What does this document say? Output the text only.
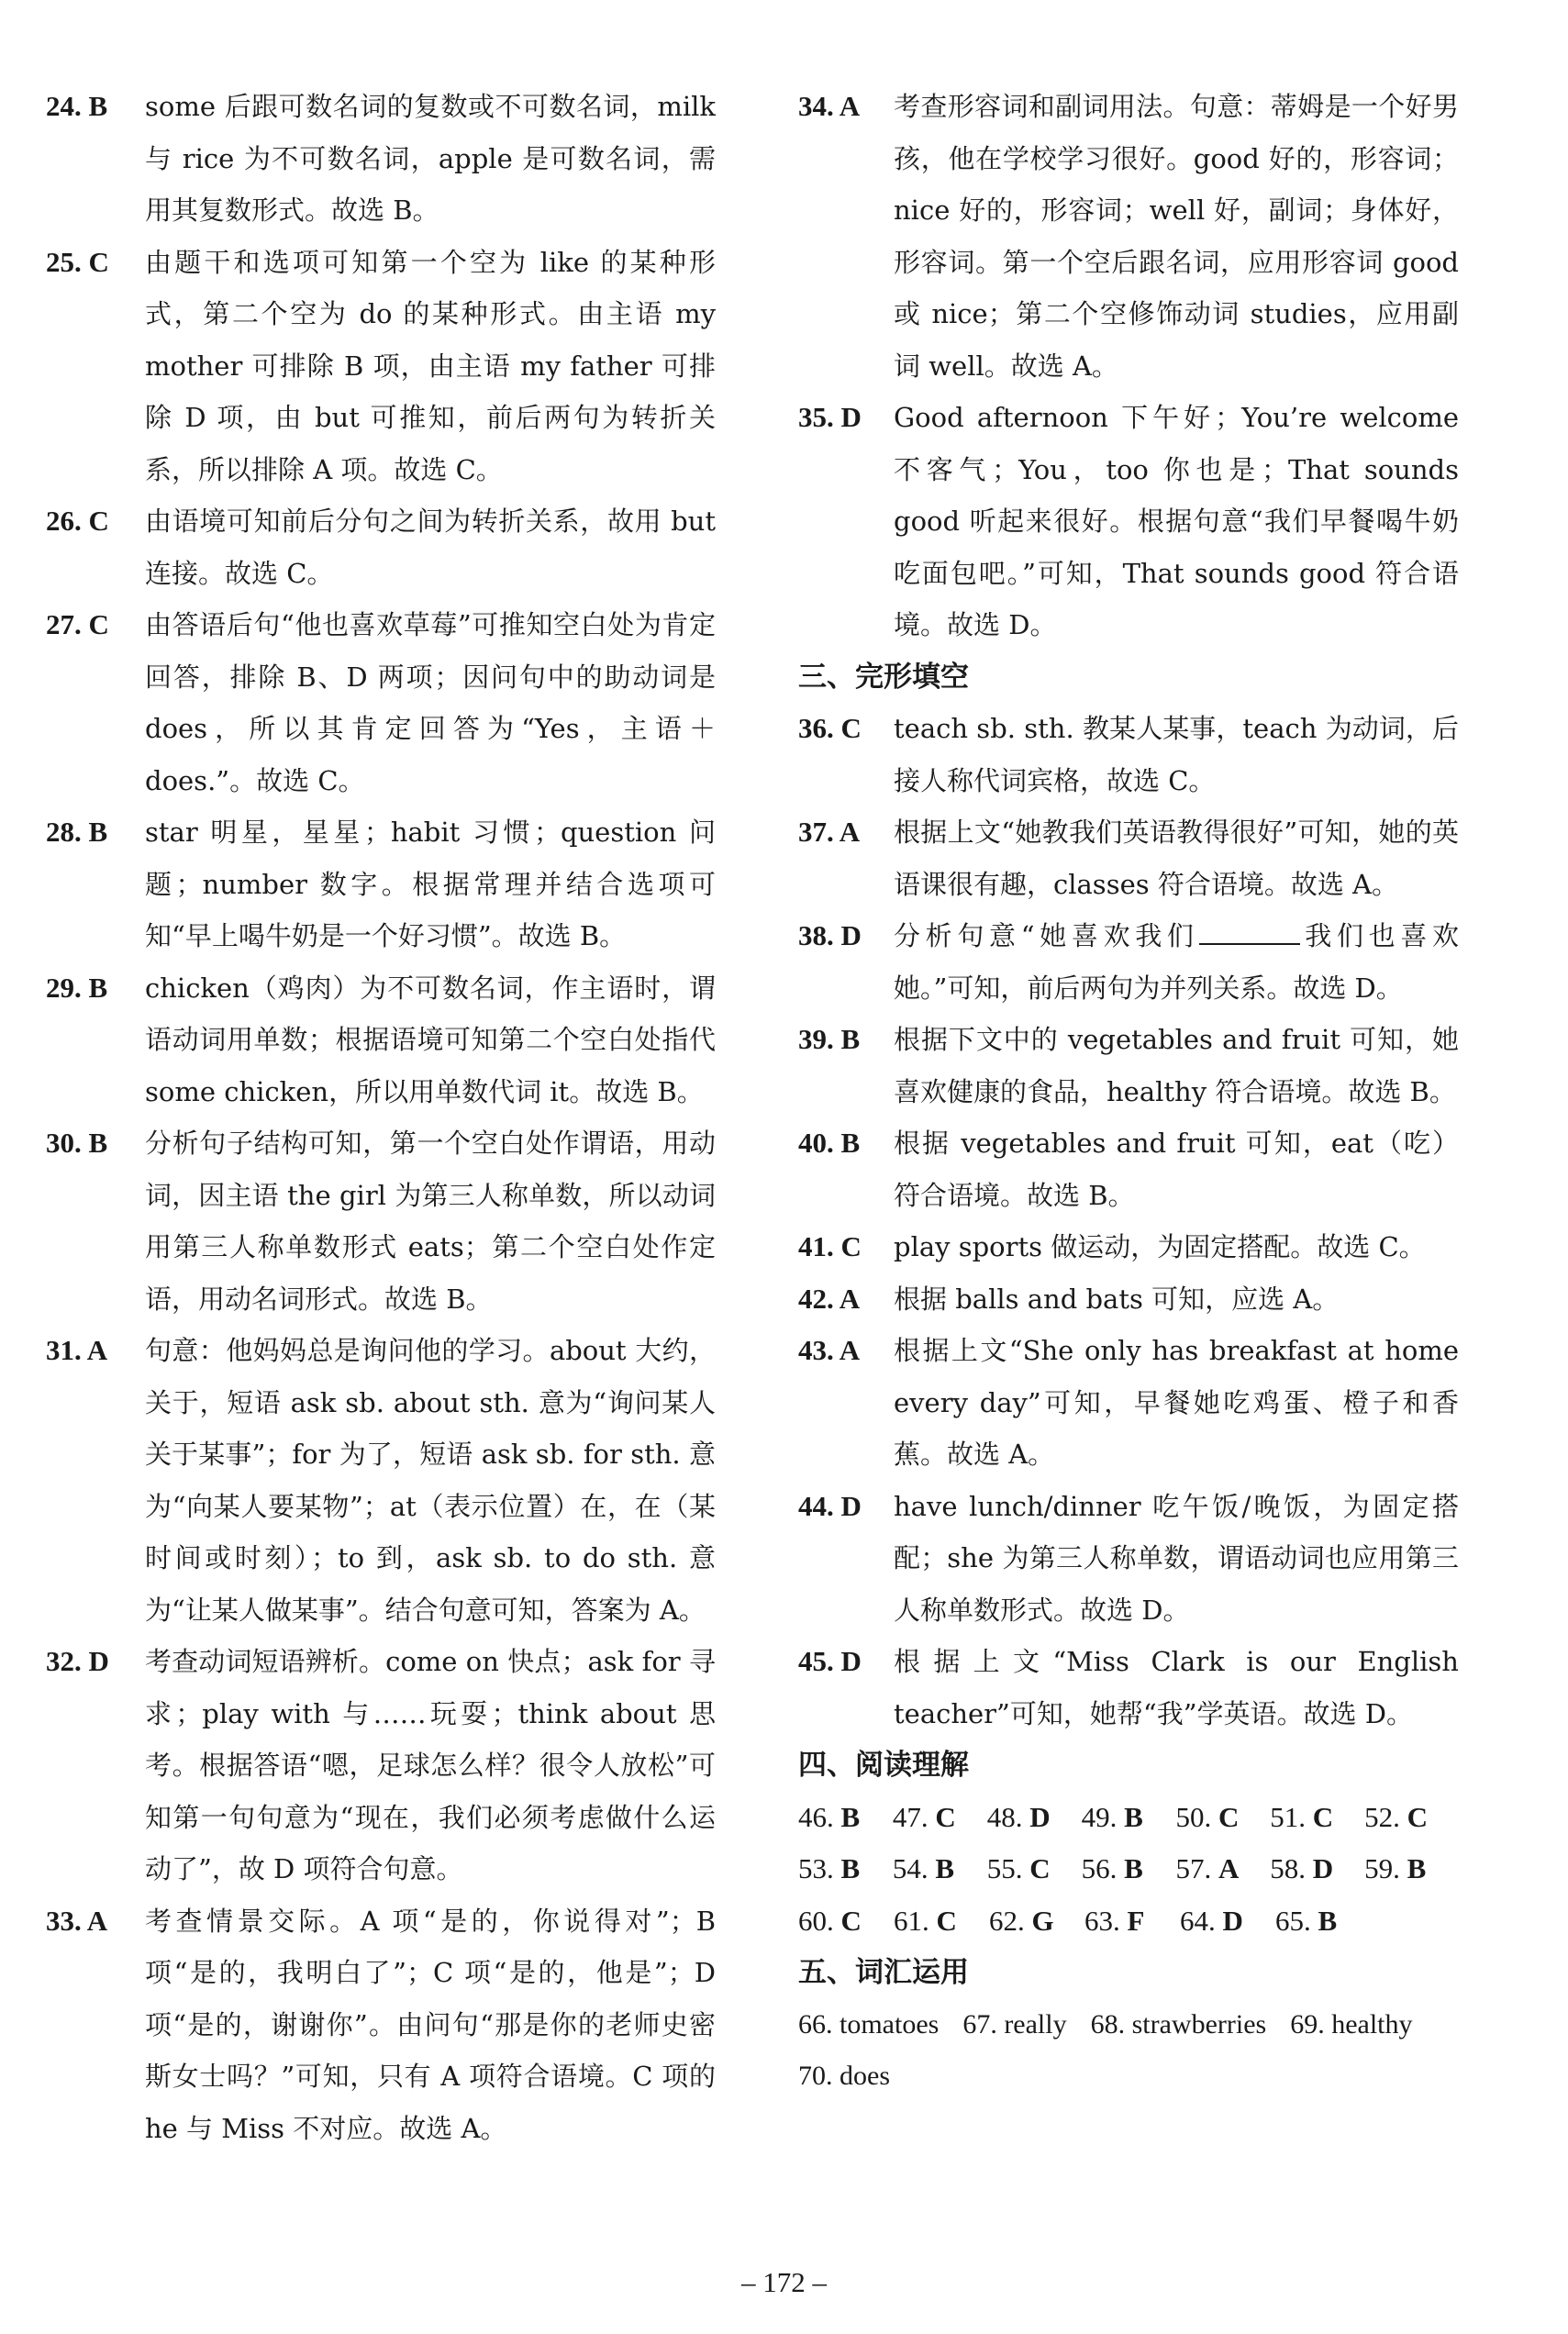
24. B	some 后跟可数名词的复数或不可数名词，milk 与 rice 为不可数名词，apple 是可数名词，需用其复数形式。故选 B。
25. C	由题干和选项可知第一个空为 like 的某种形式，第二个空为 do 的某种形式。由主语 my mother 可排除 B 项，由主语 my father 可排除 D 项，由 but 可推知，前后两句为转折关系，所以排除 A 项。故选 C。
26. C	由语境可知前后分句之间为转折关系，故用 but 连接。故选 C。
27. C	由答语后句“他也喜欢草莓”可推知空白处为肯定回答，排除 B、D 两项；因问句中的助动词是 does，所以其肯定回答为“Yes，主语＋does.”。故选 C。
28. B	star 明星，星星；habit 习惯；question 问题；number 数字。根据常理并结合选项可知“早上喝牛奶是一个好习惯”。故选 B。
29. B	chicken（鸡肉）为不可数名词，作主语时，谓语动词用单数；根据语境可知第二个空白处指代 some chicken，所以用单数代词 it。故选 B。
30. B	分析句子结构可知，第一个空白处作谓语，用动词，因主语 the girl 为第三人称单数，所以动词用第三人称单数形式 eats；第二个空白处作定语，用动名词形式。故选 B。
31. A	句意：他妈妈总是询问他的学习。about 大约，关于，短语 ask sb. about sth. 意为“询问某人关于某事”；for 为了，短语 ask sb. for sth. 意为“向某人要某物”；at（表示位置）在，在（某时间或时刻）；to 到，ask sb. to do sth. 意为“让某人做某事”。结合句意可知，答案为 A。
32. D	考查动词短语辨析。come on 快点；ask for 寻求；play with 与……玩耍；think about 思考。根据答语“嗯，足球怎么样？很令人放松”可知第一句句意为“现在，我们必须考虑做什么运动了”，故 D 项符合句意。
33. A	考查情景交际。A 项“是的，你说得对”；B 项“是的，我明白了”；C 项“是的，他是”；D 项“是的，谢谢你”。由问句“那是你的老师史密斯女士吗？”可知，只有 A 项符合语境。C 项的 he 与 Miss 不对应。故选 A。
34. A	考查形容词和副词用法。句意：蒂姆是一个好男孩，他在学校学习很好。good 好的，形容词；nice 好的，形容词；well 好，副词；身体好，形容词。第一个空后跟名词，应用形容词 good 或 nice；第二个空修饰动词 studies，应用副词 well。故选 A。
35. D	Good afternoon 下午好；You’re welcome 不客气；You，too 你也是；That sounds good 听起来很好。根据句意“我们早餐喝牛奶吃面包吧。”可知，That sounds good 符合语境。故选 D。
三、完形填空
36. C	teach sb. sth. 教某人某事，teach 为动词，后接人称代词宾格，故选 C。
37. A	根据上文“她教我们英语教得很好”可知，她的英语课很有趣，classes 符合语境。故选 A。
38. D	分析句意“她喜欢我们	我们也喜欢她。”可知，前后两句为并列关系。故选 D。
39. B	根据下文中的 vegetables and fruit 可知，她喜欢健康的食品，healthy 符合语境。故选 B。
40. B	根据 vegetables and fruit 可知，eat（吃）符合语境。故选 B。
41. C	play sports 做运动，为固定搭配。故选 C。
42. A	根据 balls and bats 可知，应选 A。
43. A	根据上文“She only has breakfast at home every day”可知，早餐她吃鸡蛋、橙子和香蕉。故选 A。
44. D	have lunch/dinner 吃午饭/晚饭，为固定搭配；she 为第三人称单数，谓语动词也应用第三人称单数形式。故选 D。
45. D	根据上文“Miss Clark is our English teacher”可知，她帮“我”学英语。故选 D。
四、阅读理解
46. B	47. C	48. D	49. B	50. C	51. C	52. C
53. B	54. B	55. C	56. B	57. A	58. D	59. B
60. C	61. C	62. G	63. F	64. D	65. B
五、词汇运用
66. tomatoes 67. really 68. strawberries 69. healthy
70. does
– 172 –
